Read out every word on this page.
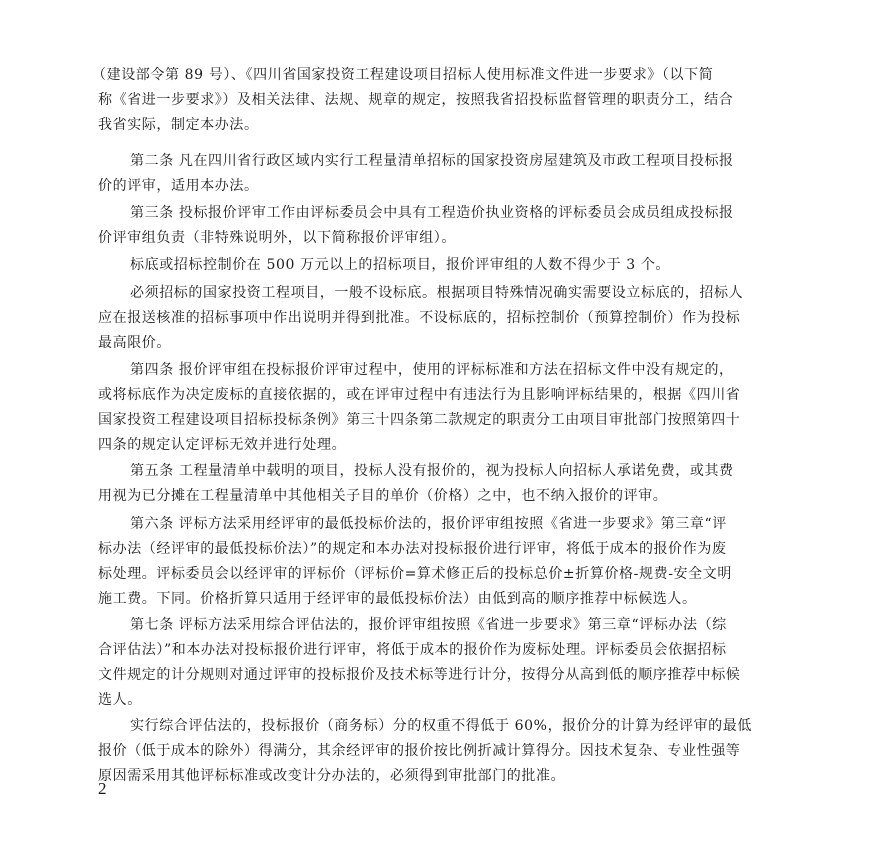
（建设部令第 89 号）、《四川省国家投资工程建设项目招标人使用标准文件进一步要求》（以下简
称《省进一步要求》）及相关法律、法规、规章的规定，按照我省招投标监督管理的职责分工，结合
我省实际，制定本办法。
第二条 凡在四川省行政区域内实行工程量清单招标的国家投资房屋建筑及市政工程项目投标报
价的评审，适用本办法。
第三条 投标报价评审工作由评标委员会中具有工程造价执业资格的评标委员会成员组成投标报
价评审组负责（非特殊说明外，以下简称报价评审组）。
标底或招标控制价在 500 万元以上的招标项目，报价评审组的人数不得少于 3 个。
必须招标的国家投资工程项目，一般不设标底。根据项目特殊情况确实需要设立标底的，招标人
应在报送核准的招标事项中作出说明并得到批准。不设标底的，招标控制价（预算控制价）作为投标
最高限价。
第四条 报价评审组在投标报价评审过程中，使用的评标标准和方法在招标文件中没有规定的，
或将标底作为决定废标的直接依据的，或在评审过程中有违法行为且影响评标结果的，根据《四川省
国家投资工程建设项目招标投标条例》第三十四条第二款规定的职责分工由项目审批部门按照第四十
四条的规定认定评标无效并进行处理。
第五条 工程量清单中载明的项目，投标人没有报价的，视为投标人向招标人承诺免费，或其费
用视为已分摊在工程量清单中其他相关子目的单价（价格）之中，也不纳入报价的评审。
第六条 评标方法采用经评审的最低投标价法的，报价评审组按照《省进一步要求》第三章“评
标办法（经评审的最低投标价法）”的规定和本办法对投标报价进行评审，将低于成本的报价作为废
标处理。评标委员会以经评审的评标价（评标价=算术修正后的投标总价±折算价格-规费-安全文明
施工费。下同。价格折算只适用于经评审的最低投标价法）由低到高的顺序推荐中标候选人。
第七条 评标方法采用综合评估法的，报价评审组按照《省进一步要求》第三章“评标办法（综
合评估法）”和本办法对投标报价进行评审，将低于成本的报价作为废标处理。评标委员会依据招标
文件规定的计分规则对通过评审的投标报价及技术标等进行计分，按得分从高到低的顺序推荐中标候
选人。
实行综合评估法的，投标报价（商务标）分的权重不得低于 60%，报价分的计算为经评审的最低
报价（低于成本的除外）得满分，其余经评审的报价按比例折减计算得分。因技术复杂、专业性强等
原因需采用其他评标标准或改变计分办法的，必须得到审批部门的批准。
2
